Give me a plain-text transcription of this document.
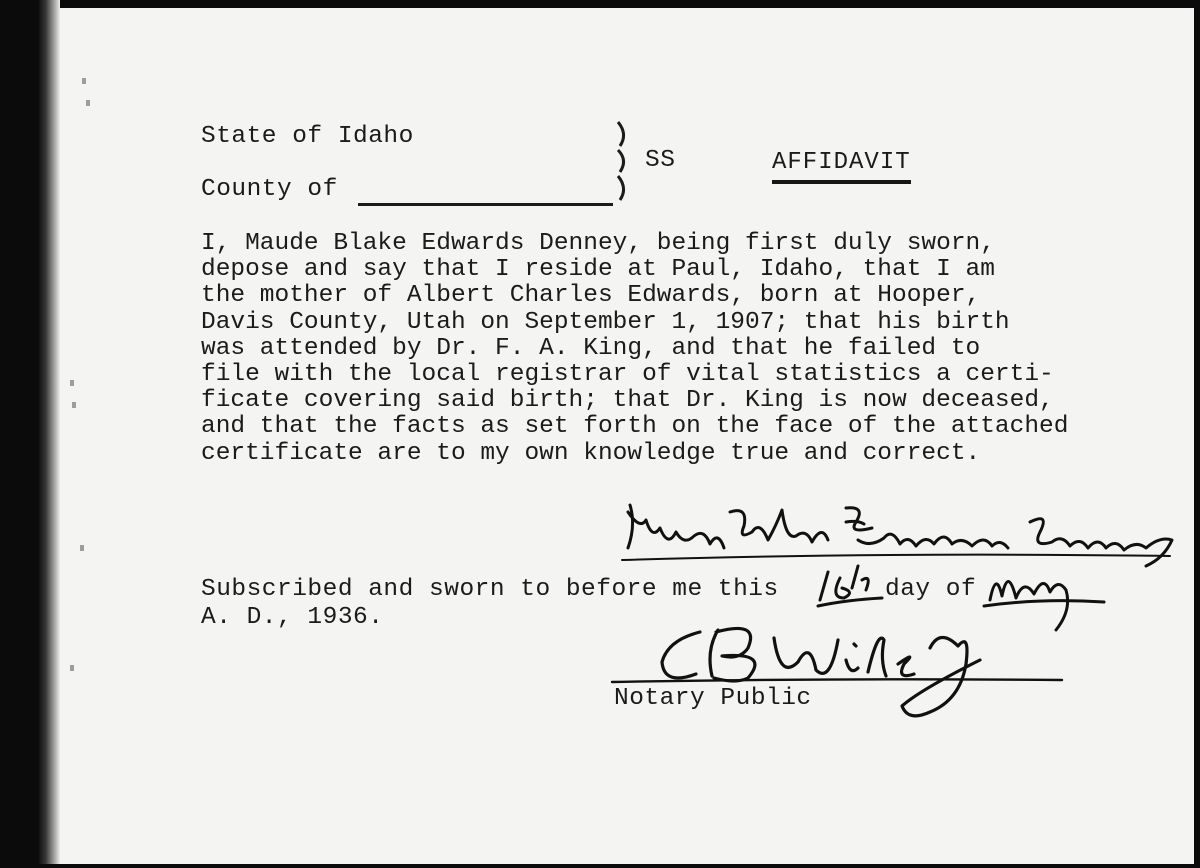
State of Idaho
County of
SS	AFFIDAVIT
I, Maude Blake Edwards Denney, being first duly sworn,
depose and say that I reside at Paul, Idaho, that I am
the mother of Albert Charles Edwards, born at Hooper,
Davis County, Utah on September 1, 1907; that his birth
was attended by Dr. F. A. King, and that he failed to
file with the local registrar of vital statistics a certi-
ficate covering said birth; that Dr. King is now deceased,
and that the facts as set forth on the face of the attached
certificate are to my own knowledge true and correct.
Subscribed and sworn to before me this	day of
A. D., 1936.
Notary Public
